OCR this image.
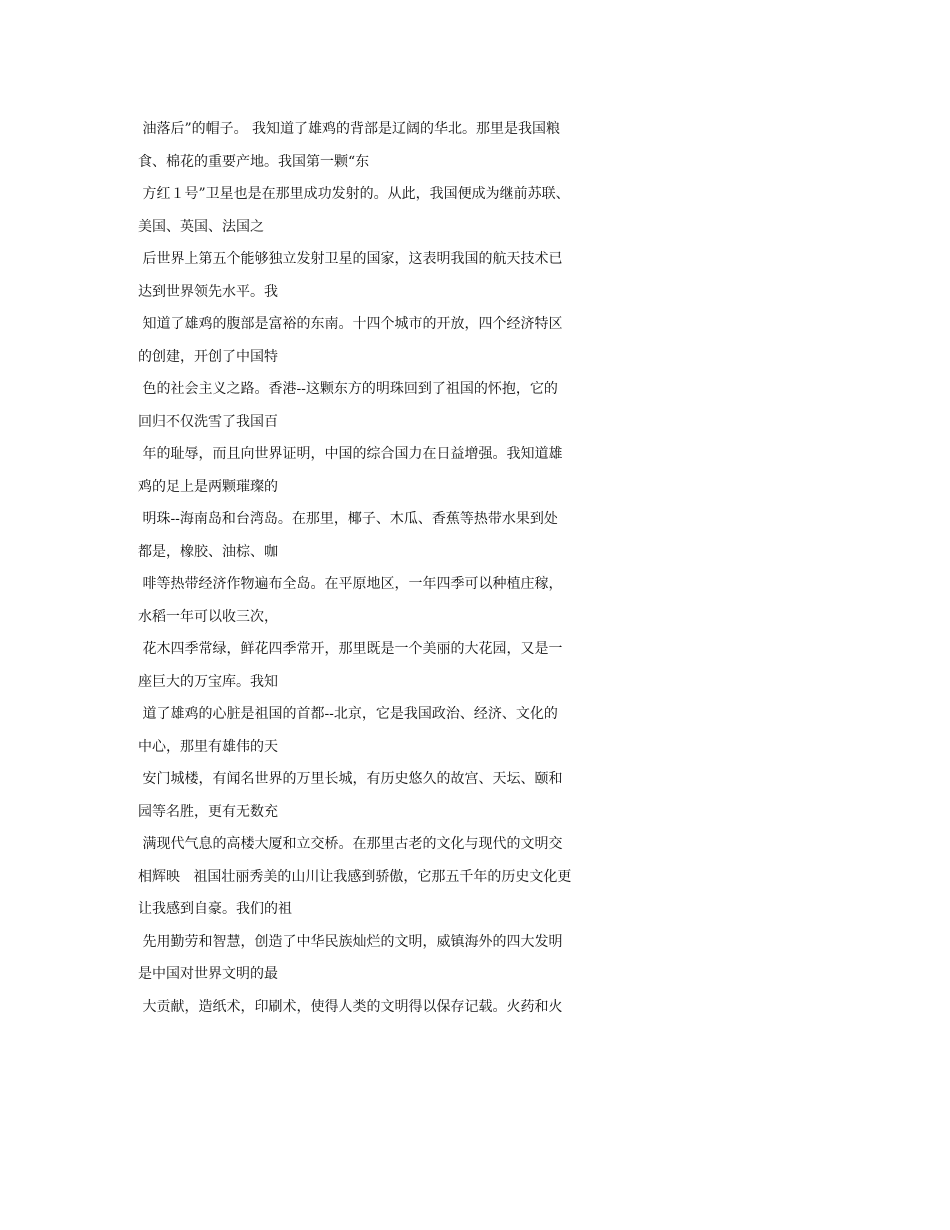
油落后”的帽子。 我知道了雄鸡的背部是辽阔的华北。那里是我国粮
食、棉花的重要产地。我国第一颗“东
方红１号”卫星也是在那里成功发射的。从此，我国便成为继前苏联、
美国、英国、法国之
后世界上第五个能够独立发射卫星的国家，这表明我国的航天技术已
达到世界领先水平。我
知道了雄鸡的腹部是富裕的东南。十四个城市的开放，四个经济特区
的创建，开创了中国特
色的社会主义之路。香港--这颗东方的明珠回到了祖国的怀抱，它的
回归不仅洗雪了我国百
年的耻辱，而且向世界证明，中国的综合国力在日益增强。我知道雄
鸡的足上是两颗璀璨的
明珠--海南岛和台湾岛。在那里，椰子、木瓜、香蕉等热带水果到处
都是，橡胶、油棕、咖
啡等热带经济作物遍布全岛。在平原地区，一年四季可以种植庄稼，
水稻一年可以收三次，
花木四季常绿，鲜花四季常开，那里既是一个美丽的大花园，又是一
座巨大的万宝库。我知
道了雄鸡的心脏是祖国的首都--北京，它是我国政治、经济、文化的
中心，那里有雄伟的天
安门城楼，有闻名世界的万里长城，有历史悠久的故宫、天坛、颐和
园等名胜，更有无数充
满现代气息的高楼大厦和立交桥。在那里古老的文化与现代的文明交
相辉映   祖国壮丽秀美的山川让我感到骄傲，它那五千年的历史文化更
让我感到自豪。我们的祖
先用勤劳和智慧，创造了中华民族灿烂的文明，威镇海外的四大发明
是中国对世界文明的最
大贡献，造纸术，印刷术，使得人类的文明得以保存记载。火药和火
